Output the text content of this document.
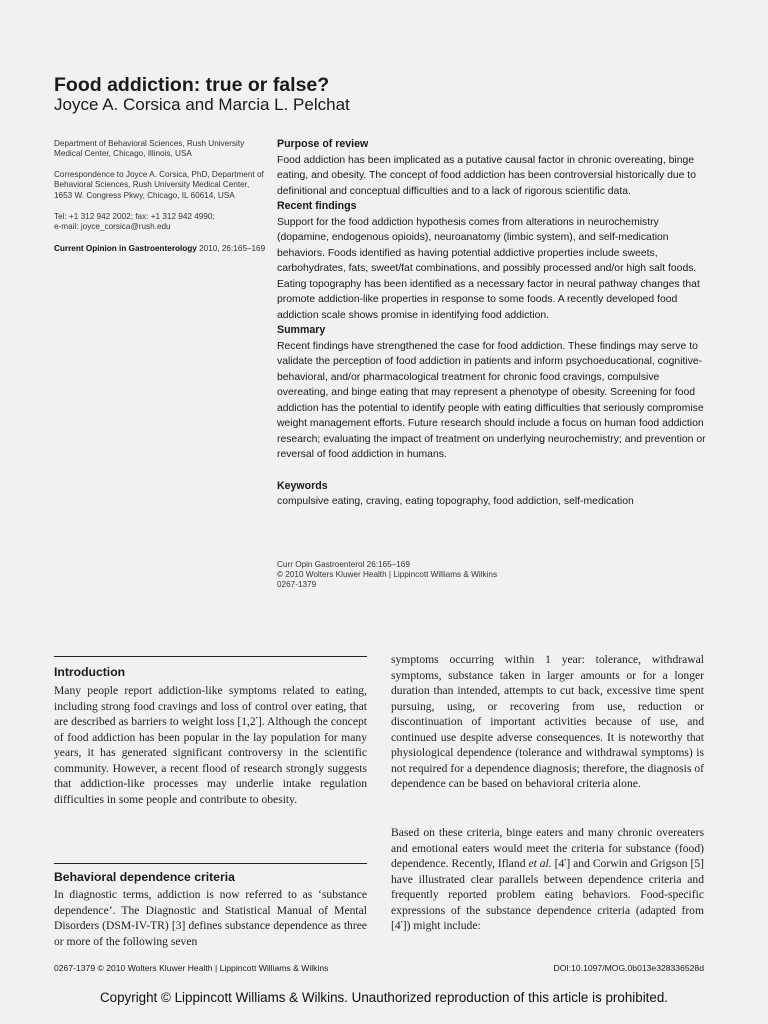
Food addiction: true or false?
Joyce A. Corsica and Marcia L. Pelchat
Department of Behavioral Sciences, Rush University Medical Center, Chicago, Illinois, USA
Correspondence to Joyce A. Corsica, PhD, Department of Behavioral Sciences, Rush University Medical Center, 1653 W. Congress Pkwy, Chicago, IL 60614, USA
Tel: +1 312 942 2002; fax: +1 312 942 4990;
e-mail: joyce_corsica@rush.edu
Current Opinion in Gastroenterology 2010, 26:165–169
Purpose of review

Food addiction has been implicated as a putative causal factor in chronic overeating, binge eating, and obesity. The concept of food addiction has been controversial historically due to definitional and conceptual difficulties and to a lack of rigorous scientific data.

Recent findings

Support for the food addiction hypothesis comes from alterations in neurochemistry (dopamine, endogenous opioids), neuroanatomy (limbic system), and self-medication behaviors. Foods identified as having potential addictive properties include sweets, carbohydrates, fats, sweet/fat combinations, and possibly processed and/or high salt foods. Eating topography has been identified as a necessary factor in neural pathway changes that promote addiction-like properties in response to some foods. A recently developed food addiction scale shows promise in identifying food addiction.

Summary

Recent findings have strengthened the case for food addiction. These findings may serve to validate the perception of food addiction in patients and inform psychoeducational, cognitive-behavioral, and/or pharmacological treatment for chronic food cravings, compulsive overeating, and binge eating that may represent a phenotype of obesity. Screening for food addiction has the potential to identify people with eating difficulties that seriously compromise weight management efforts. Future research should include a focus on human food addiction research; evaluating the impact of treatment on underlying neurochemistry; and prevention or reversal of food addiction in humans.

Keywords

compulsive eating, craving, eating topography, food addiction, self-medication

Curr Opin Gastroenterol 26:165–169
© 2010 Wolters Kluwer Health | Lippincott Williams & Wilkins
0267-1379
Introduction

Many people report addiction-like symptoms related to eating, including strong food cravings and loss of control over eating, that are described as barriers to weight loss [1,2•]. Although the concept of food addiction has been popular in the lay population for many years, it has generated significant controversy in the scientific community. However, a recent flood of research strongly suggests that addiction-like processes may underlie intake regulation difficulties in some people and contribute to obesity.

Behavioral dependence criteria

In diagnostic terms, addiction is now referred to as ‘substance dependence’. The Diagnostic and Statistical Manual of Mental Disorders (DSM-IV-TR) [3] defines substance dependence as three or more of the following seven

symptoms occurring within 1 year: tolerance, withdrawal symptoms, substance taken in larger amounts or for a longer duration than intended, attempts to cut back, excessive time spent pursuing, using, or recovering from use, reduction or discontinuation of important activities because of use, and continued use despite adverse consequences. It is noteworthy that physiological dependence (tolerance and withdrawal symptoms) is not required for a dependence diagnosis; therefore, the diagnosis of dependence can be based on behavioral criteria alone.

Based on these criteria, binge eaters and many chronic overeaters and emotional eaters would meet the criteria for substance (food) dependence. Recently, Ifland et al. [4•] and Corwin and Grigson [5] have illustrated clear parallels between dependence criteria and frequently reported problem eating behaviors. Food-specific expressions of the substance dependence criteria (adapted from [4•]) might include:

0267-1379 © 2010 Wolters Kluwer Health | Lippincott Williams & Wilkins	DOI:10.1097/MOG.0b013e328336528d
Copyright © Lippincott Williams & Wilkins. Unauthorized reproduction of this article is prohibited.
